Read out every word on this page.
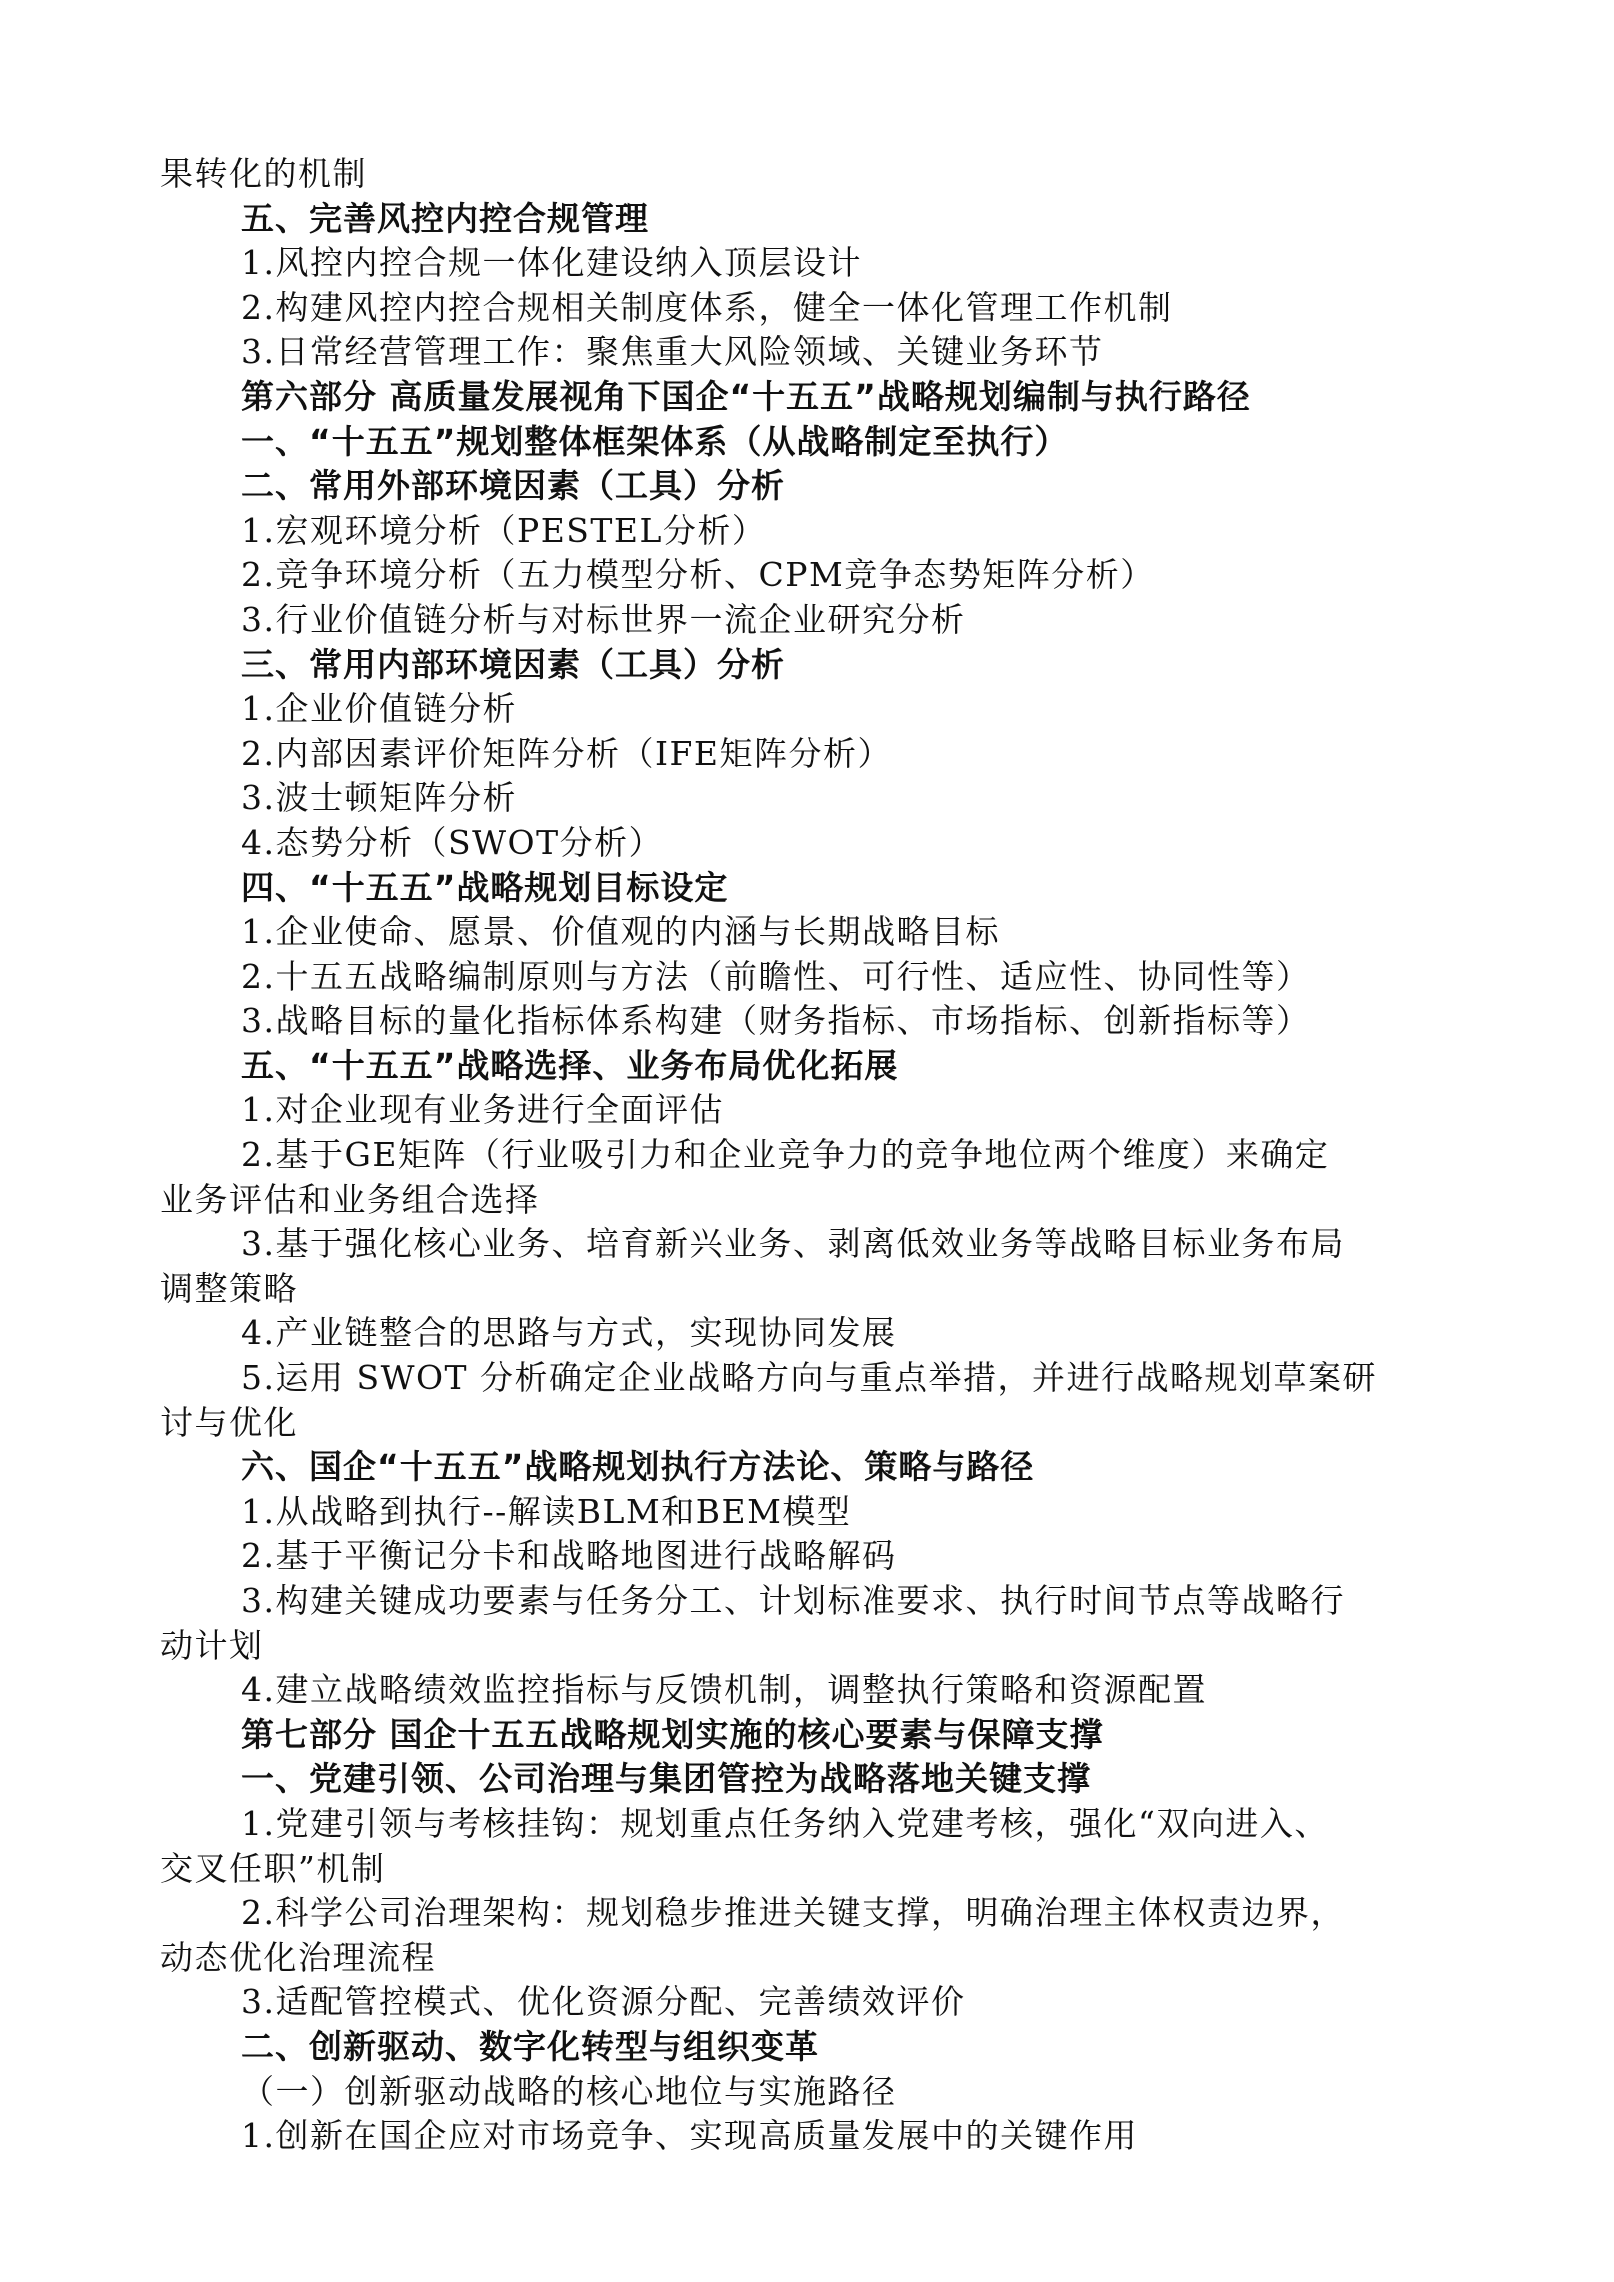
果转化的机制
五、完善风控内控合规管理
1.风控内控合规一体化建设纳入顶层设计
2.构建风控内控合规相关制度体系，健全一体化管理工作机制
3.日常经营管理工作：聚焦重大风险领域、关键业务环节
第六部分 高质量发展视角下国企“十五五”战略规划编制与执行路径
一、“十五五”规划整体框架体系（从战略制定至执行）
二、常用外部环境因素（工具）分析
1.宏观环境分析（PESTEL分析）
2.竞争环境分析（五力模型分析、CPM竞争态势矩阵分析）
3.行业价值链分析与对标世界一流企业研究分析
三、常用内部环境因素（工具）分析
1.企业价值链分析
2.内部因素评价矩阵分析（IFE矩阵分析）
3.波士顿矩阵分析
4.态势分析（SWOT分析）
四、“十五五”战略规划目标设定
1.企业使命、愿景、价值观的内涵与长期战略目标
2.十五五战略编制原则与方法（前瞻性、可行性、适应性、协同性等）
3.战略目标的量化指标体系构建（财务指标、市场指标、创新指标等）
五、“十五五”战略选择、业务布局优化拓展
1.对企业现有业务进行全面评估
2.基于GE矩阵（行业吸引力和企业竞争力的竞争地位两个维度）来确定
业务评估和业务组合选择
3.基于强化核心业务、培育新兴业务、剥离低效业务等战略目标业务布局
调整策略
4.产业链整合的思路与方式，实现协同发展
5.运用 SWOT 分析确定企业战略方向与重点举措，并进行战略规划草案研
讨与优化
六、国企“十五五”战略规划执行方法论、策略与路径
1.从战略到执行--解读BLM和BEM模型
2.基于平衡记分卡和战略地图进行战略解码
3.构建关键成功要素与任务分工、计划标准要求、执行时间节点等战略行
动计划
4.建立战略绩效监控指标与反馈机制，调整执行策略和资源配置
第七部分 国企十五五战略规划实施的核心要素与保障支撑
一、党建引领、公司治理与集团管控为战略落地关键支撑
1.党建引领与考核挂钩：规划重点任务纳入党建考核，强化“双向进入、
交叉任职”机制
2.科学公司治理架构：规划稳步推进关键支撑，明确治理主体权责边界，
动态优化治理流程
3.适配管控模式、优化资源分配、完善绩效评价
二、创新驱动、数字化转型与组织变革
（一）创新驱动战略的核心地位与实施路径
1.创新在国企应对市场竞争、实现高质量发展中的关键作用
